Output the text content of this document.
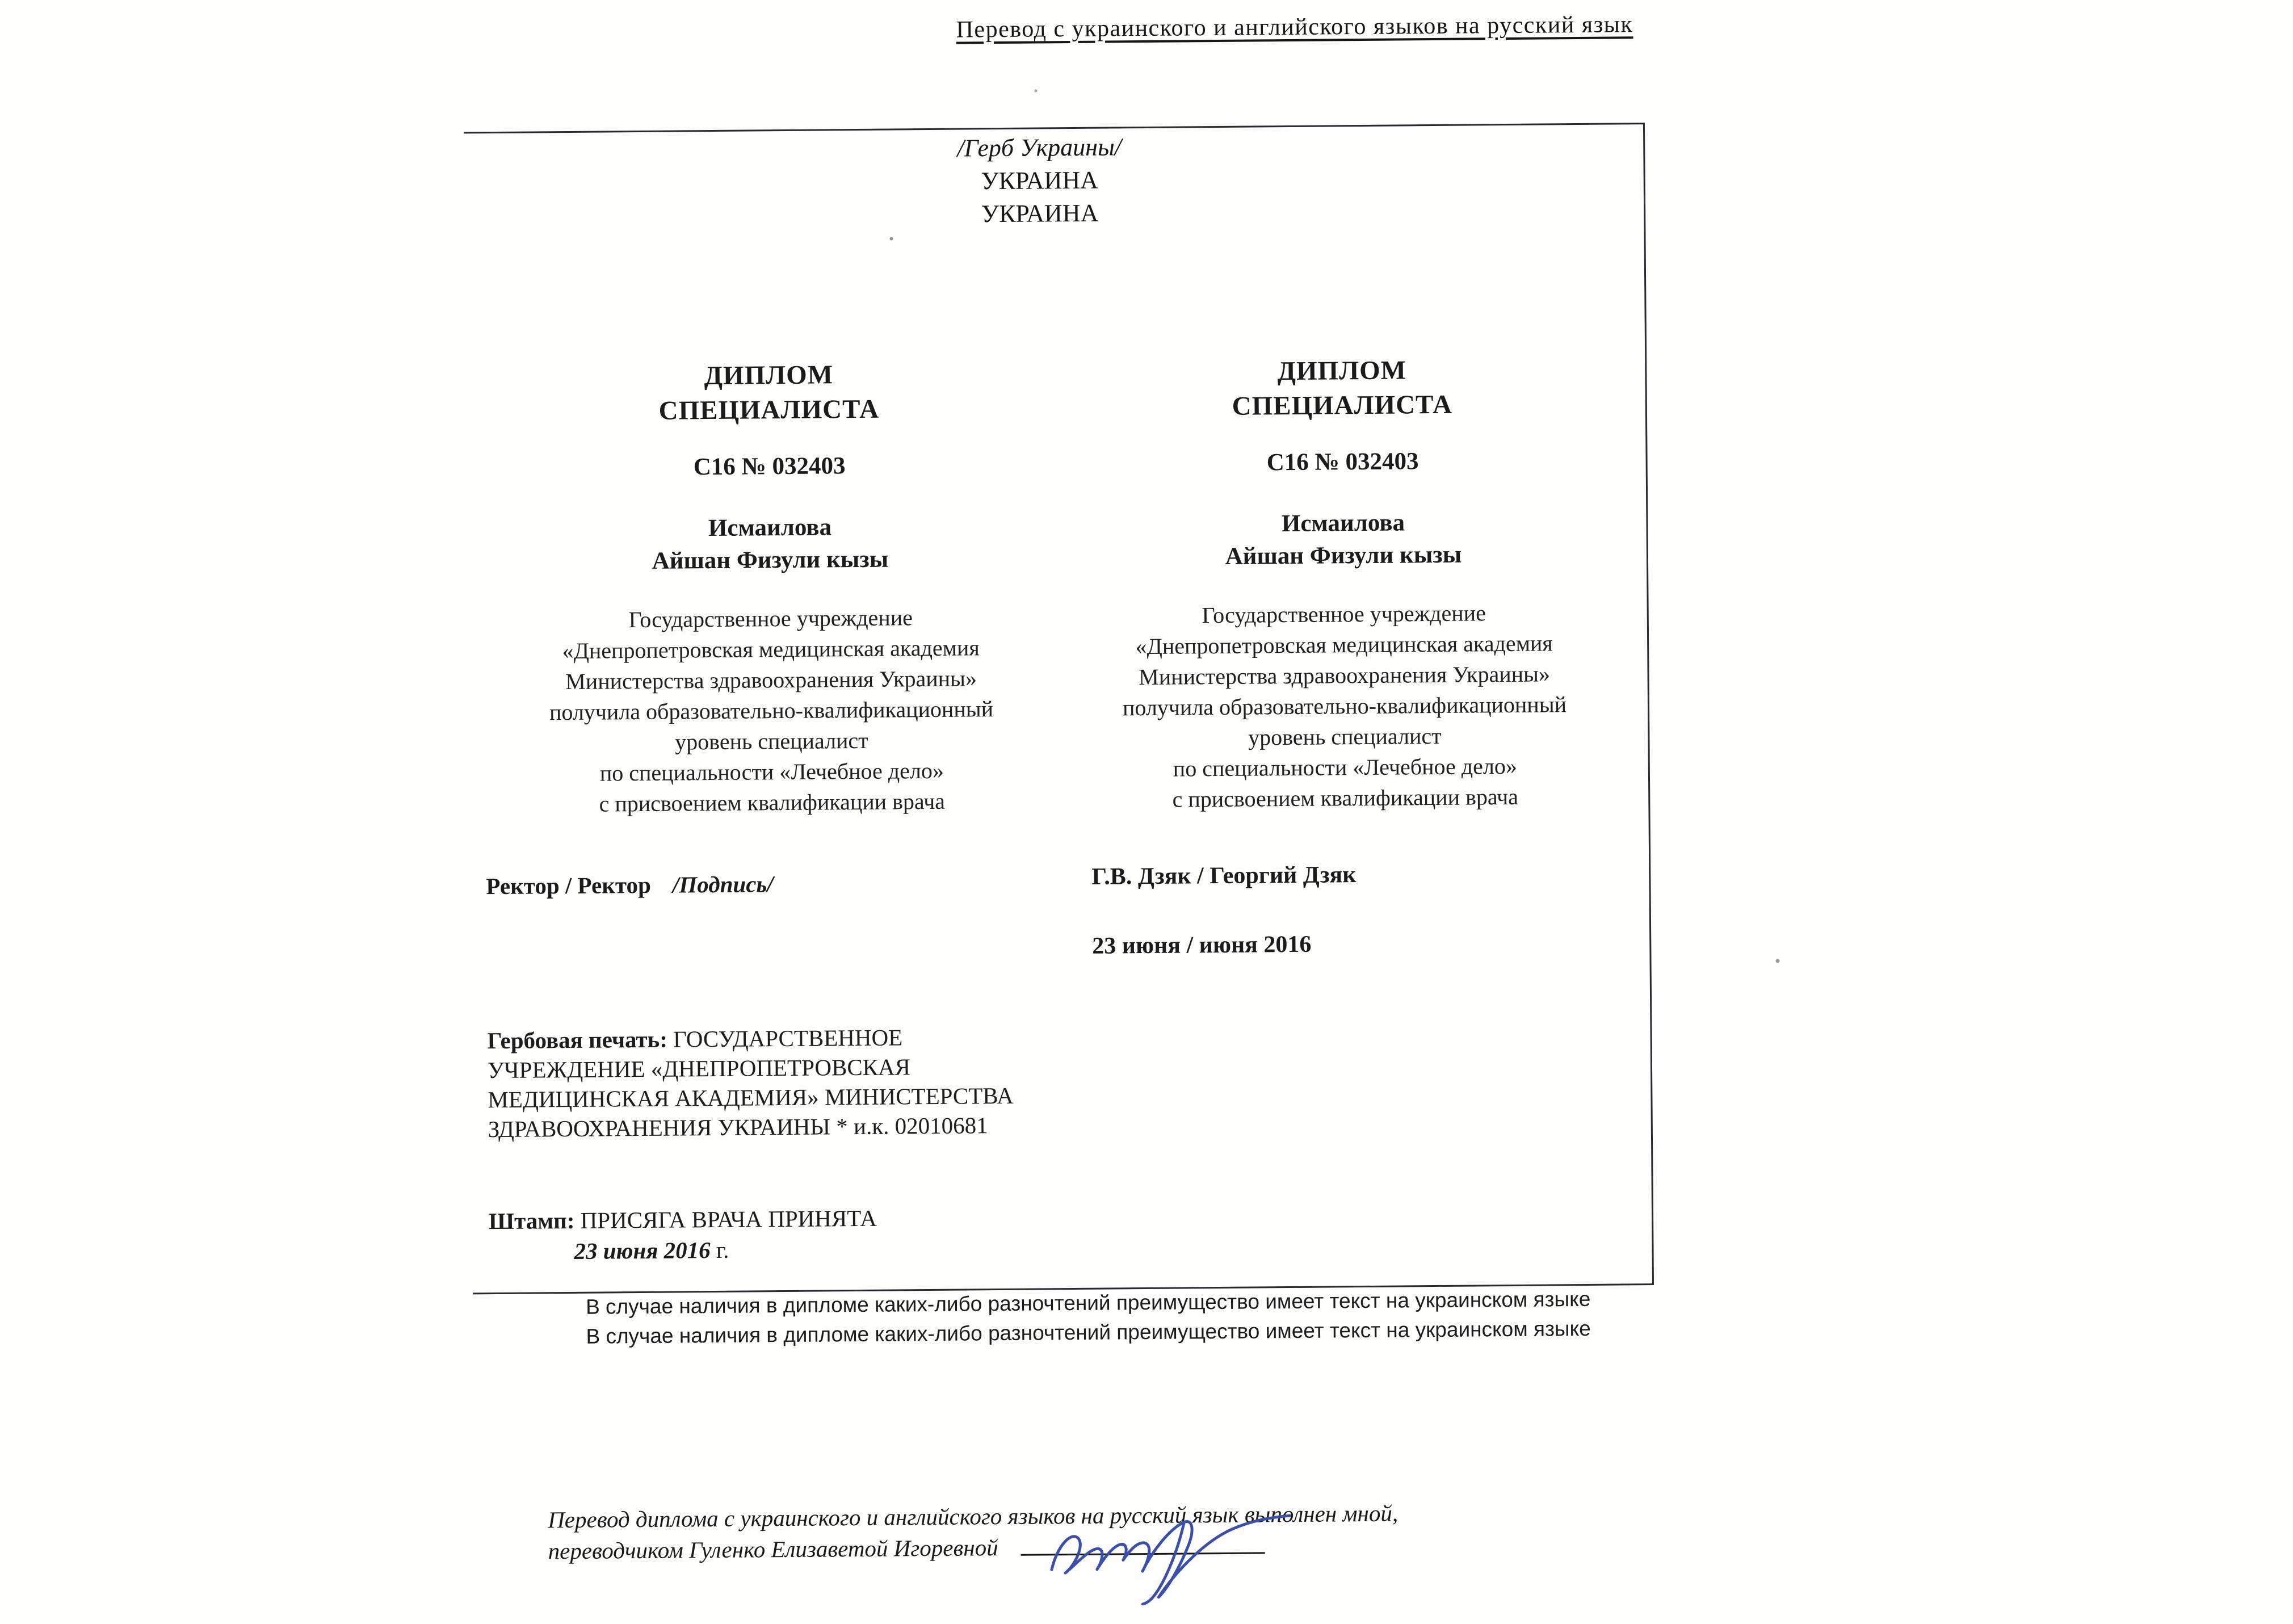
Перевод с украинского и английского языков на русский язык
/Герб Украины/
УКРАИНА
УКРАИНА
ДИПЛОМ
СПЕЦИАЛИСТА
С16 № 032403
Исмаилова
Айшан Физули кызы
Государственное учреждение
«Днепропетровская медицинская академия
Министерства здравоохранения Украины»
получила образовательно-квалификационный
уровень специалист
по специальности «Лечебное дело»
с присвоением квалификации врача
Ректор / Ректор /Подпись/
Гербовая печать: ГОСУДАРСТВЕННОЕ УЧРЕЖДЕНИЕ «ДНЕПРОПЕТРОВСКАЯ МЕДИЦИНСКАЯ АКАДЕМИЯ» МИНИСТЕРСТВА ЗДРАВООХРАНЕНИЯ УКРАИНЫ * и.к. 02010681
Штамп: ПРИСЯГА ВРАЧА ПРИНЯТА
23 июня 2016 г.
ДИПЛОМ
СПЕЦИАЛИСТА
С16 № 032403
Исмаилова
Айшан Физули кызы
Государственное учреждение
«Днепропетровская медицинская академия
Министерства здравоохранения Украины»
получила образовательно-квалификационный
уровень специалист
по специальности «Лечебное дело»
с присвоением квалификации врача
Г.В. Дзяк / Георгий Дзяк
23 июня / июня 2016
В случае наличия в дипломе каких-либо разночтений преимущество имеет текст на украинском языке
В случае наличия в дипломе каких-либо разночтений преимущество имеет текст на украинском языке
Перевод диплома с украинского и английского языков на русский язык выполнен мной,
переводчиком Гуленко Елизаветой Игоревной
